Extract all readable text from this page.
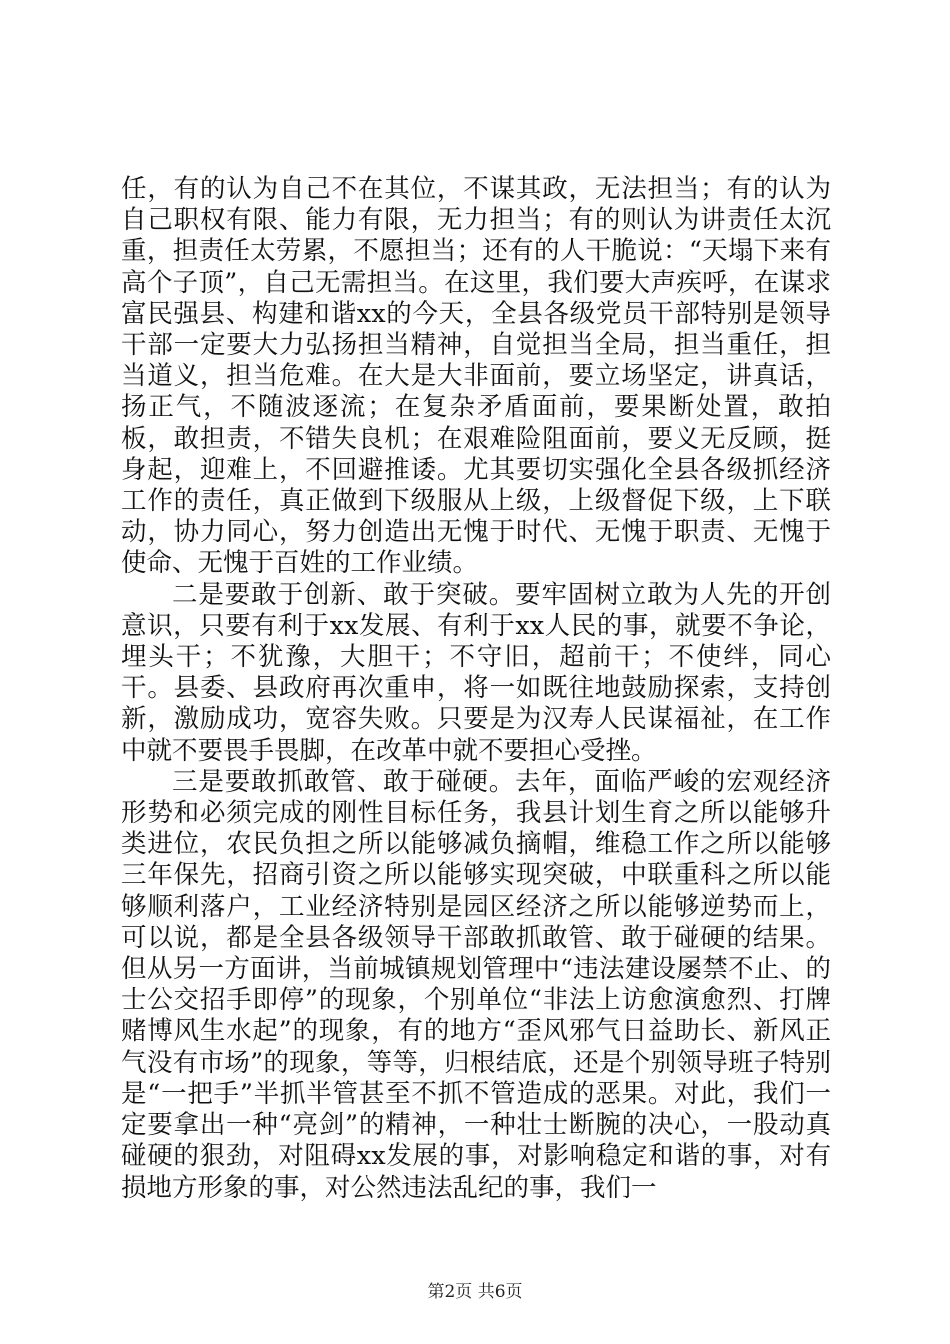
任，有的认为自己不在其位，不谋其政，无法担当；有的认为自己职权有限、能力有限，无力担当；有的则认为讲责任太沉重，担责任太劳累，不愿担当；还有的人干脆说：“天塌下来有高个子顶”，自己无需担当。在这里，我们要大声疾呼，在谋求富民强县、构建和谐xx的今天，全县各级党员干部特别是领导干部一定要大力弘扬担当精神，自觉担当全局，担当重任，担当道义，担当危难。在大是大非面前，要立场坚定，讲真话，扬正气，不随波逐流；在复杂矛盾面前，要果断处置，敢拍板，敢担责，不错失良机；在艰难险阻面前，要义无反顾，挺身起，迎难上，不回避推诿。尤其要切实强化全县各级抓经济工作的责任，真正做到下级服从上级，上级督促下级，上下联动，协力同心，努力创造出无愧于时代、无愧于职责、无愧于使命、无愧于百姓的工作业绩。

二是要敢于创新、敢于突破。要牢固树立敢为人先的开创意识，只要有利于xx发展、有利于xx人民的事，就要不争论，埋头干；不犹豫，大胆干；不守旧，超前干；不使绊，同心干。县委、县政府再次重申，将一如既往地鼓励探索，支持创新，激励成功，宽容失败。只要是为汉寿人民谋福祉，在工作中就不要畏手畏脚，在改革中就不要担心受挫。

三是要敢抓敢管、敢于碰硬。去年，面临严峻的宏观经济形势和必须完成的刚性目标任务，我县计划生育之所以能够升类进位，农民负担之所以能够减负摘帽，维稳工作之所以能够三年保先，招商引资之所以能够实现突破，中联重科之所以能够顺利落户，工业经济特别是园区经济之所以能够逆势而上，可以说，都是全县各级领导干部敢抓敢管、敢于碰硬的结果。但从另一方面讲，当前城镇规划管理中“违法建设屡禁不止、的士公交招手即停”的现象，个别单位“非法上访愈演愈烈、打牌赌博风生水起”的现象，有的地方“歪风邪气日益助长、新风正气没有市场”的现象，等等，归根结底，还是个别领导班子特别是“一把手”半抓半管甚至不抓不管造成的恶果。对此，我们一定要拿出一种“亮剑”的精神，一种壮士断腕的决心，一股动真碰硬的狠劲，对阻碍xx发展的事，对影响稳定和谐的事，对有损地方形象的事，对公然违法乱纪的事，我们一

第2页 共6页
